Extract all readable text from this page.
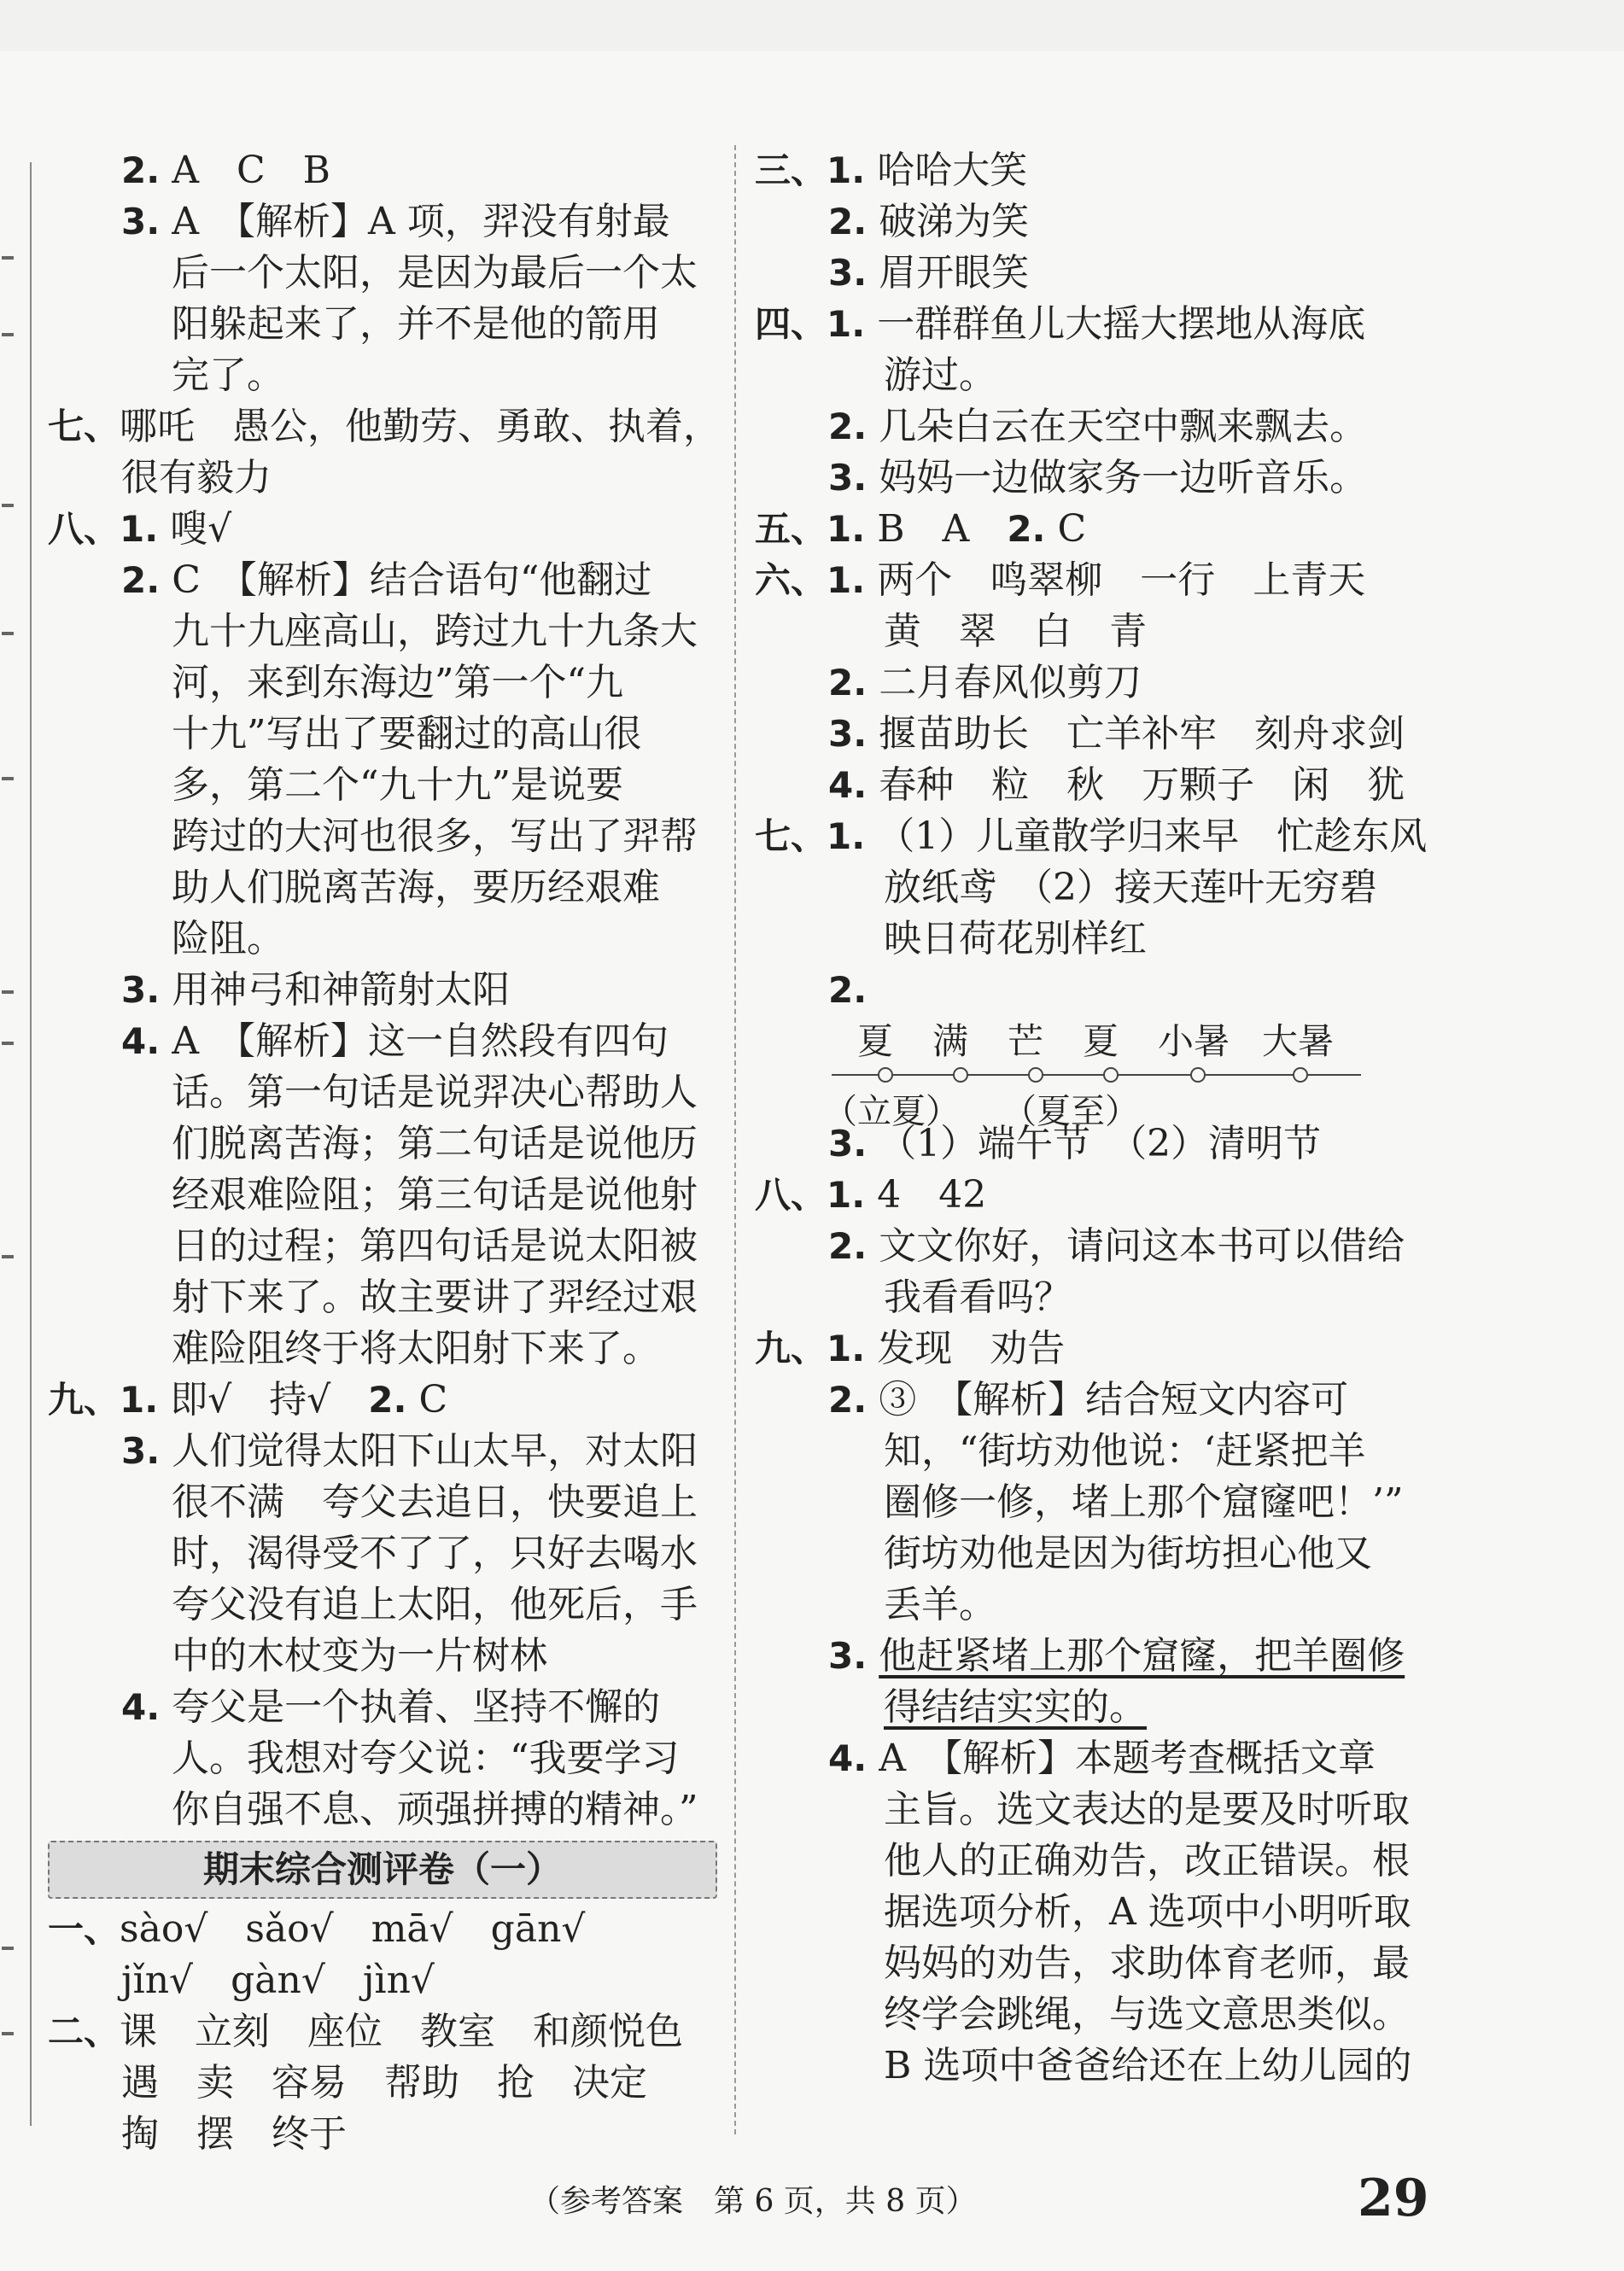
2. A　C　B
3. A　【解析】A 项，羿没有射最
后一个太阳，是因为最后一个太
阳躲起来了，并不是他的箭用
完了。
七、哪吒　愚公，他勤劳、勇敢、执着，
很有毅力
八、1. 嗖√
2. C　【解析】结合语句“他翻过
九十九座高山，跨过九十九条大
河，来到东海边”第一个“九
十九”写出了要翻过的高山很
多，第二个“九十九”是说要
跨过的大河也很多，写出了羿帮
助人们脱离苦海，要历经艰难
险阻。
3. 用神弓和神箭射太阳
4. A　【解析】这一自然段有四句
话。第一句话是说羿决心帮助人
们脱离苦海；第二句话是说他历
经艰难险阻；第三句话是说他射
日的过程；第四句话是说太阳被
射下来了。故主要讲了羿经过艰
难险阻终于将太阳射下来了。
九、1. 即√　持√　2. C
3. 人们觉得太阳下山太早，对太阳
很不满　夸父去追日，快要追上
时，渴得受不了了，只好去喝水
夸父没有追上太阳，他死后，手
中的木杖变为一片树林
4. 夸父是一个执着、坚持不懈的
人。我想对夸父说：“我要学习
你自强不息、顽强拼搏的精神。”
期末综合测评卷（一）
一、sào√　sǎo√　mā√　gān√
jǐn√　gàn√　jìn√
二、课　立刻　座位　教室　和颜悦色
遇　卖　容易　帮助　抢　决定
掏　摆　终于
三、1. 哈哈大笑
2. 破涕为笑
3. 眉开眼笑
四、1. 一群群鱼儿大摇大摆地从海底
游过。
2. 几朵白云在天空中飘来飘去。
3. 妈妈一边做家务一边听音乐。
五、1. B　A　2. C
六、1. 两个　鸣翠柳　一行　上青天
黄　翠　白　青
2. 二月春风似剪刀
3. 揠苗助长　亡羊补牢　刻舟求剑
4. 春种　粒　秋　万颗子　闲　犹
七、1. （1）儿童散学归来早　忙趁东风
放纸鸢　（2）接天莲叶无穷碧
映日荷花别样红
2.
夏 满 芒 夏 小暑 大暑
（立夏） （夏至）
3. （1）端午节　（2）清明节
八、1. 4　42
2. 文文你好，请问这本书可以借给
我看看吗？
九、1. 发现　劝告
2. ③　【解析】结合短文内容可
知，“街坊劝他说：‘赶紧把羊
圈修一修，堵上那个窟窿吧！’”
街坊劝他是因为街坊担心他又
丢羊。
3. 他赶紧堵上那个窟窿，把羊圈修
得结结实实的。
4. A　【解析】本题考查概括文章
主旨。选文表达的是要及时听取
他人的正确劝告，改正错误。根
据选项分析，A 选项中小明听取
妈妈的劝告，求助体育老师，最
终学会跳绳，与选文意思类似。
B 选项中爸爸给还在上幼儿园的
（参考答案　第 6 页，共 8 页）	29
